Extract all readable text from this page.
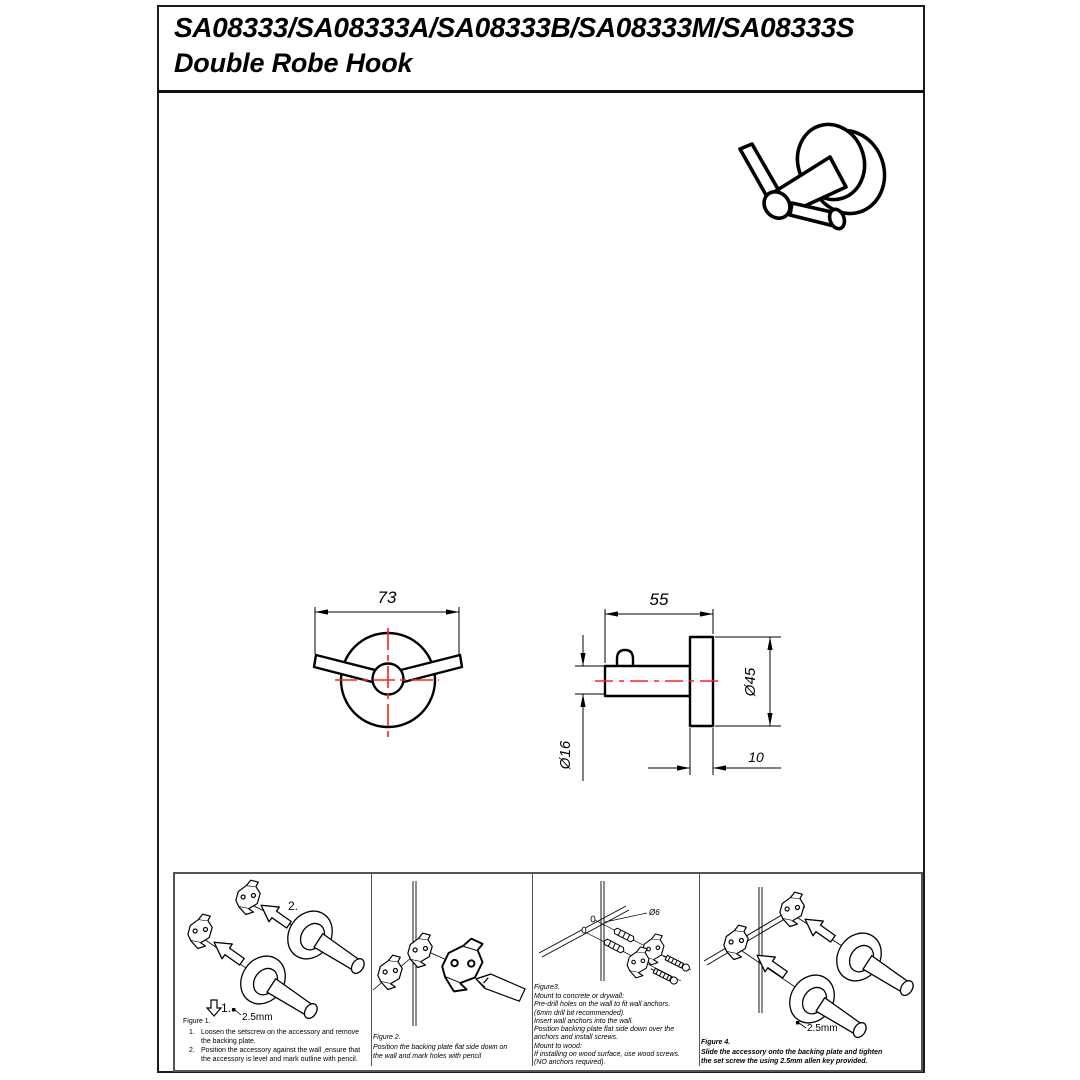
SA08333/SA08333A/SA08333B/SA08333M/SA08333S
Double Robe Hook
73	55
Ø45
Ø16	10
2.
1.
2.5mm
Figure 1.
1. Loosen the setscrew on the accessory and remove the backing plate.
2. Position the accessory against the wall ,ensure that the accessory is level and mark outline with pencil.
Figure 2.
Position the backing plate flat side down on
the wall and mark holes with pencil
Ø6
Figure3.
Mount to concrete or drywall:
Pre-drill holes on the wall to fit wall anchors.
(6mm drill bit recommended).
Insert wall anchors into the wall.
Position backing plate flat side down over the
anchors and install screws.
Mount to wood:
If installing on wood surface, use wood screws.
(NO anchors required).
2.5mm
Figure 4.
Slide the accessory onto the backing plate and tighten
the set screw the using 2.5mm allen key provided.
